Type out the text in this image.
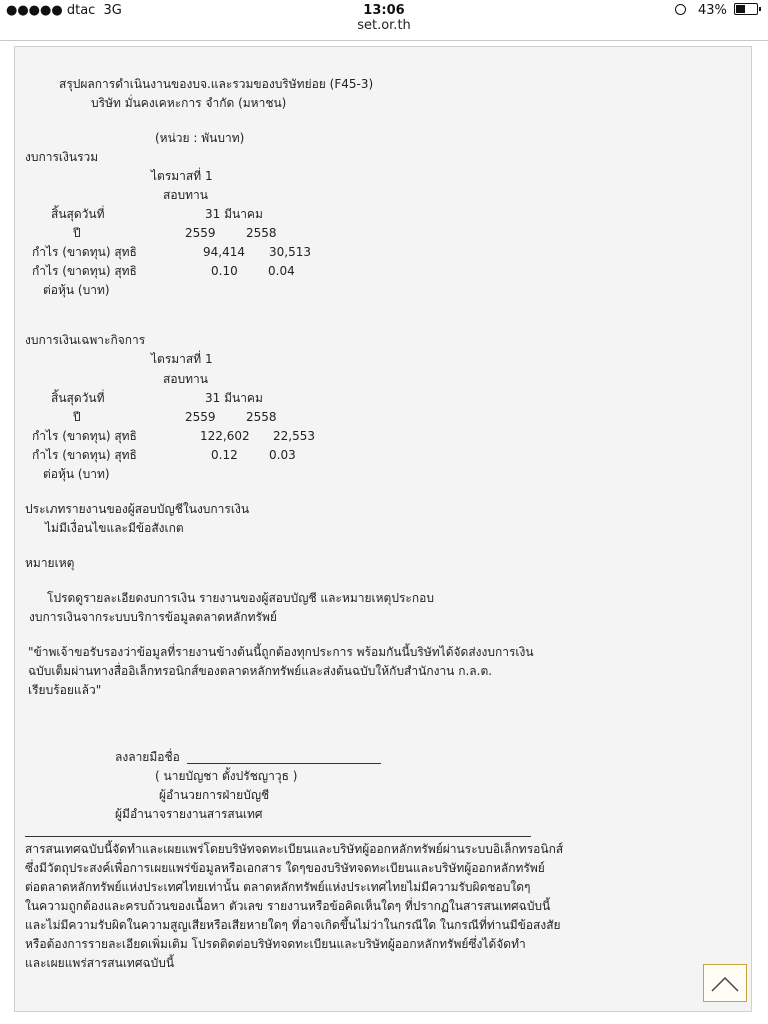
●●●●● dtac 3G	13:06	43%
set.or.th
สรุปผลการดำเนินงานของบจ.และรวมของบริษัทย่อย (F45-3)
บริษัท มั่นคงเคหะการ จำกัด (มหาชน)
(หน่วย : พันบาท)
งบการเงินรวม
ไตรมาสที่ 1
สอบทาน
สิ้นสุดวันที่	31 มีนาคม
ปี	2559	2558
กำไร (ขาดทุน) สุทธิ	94,414 30,513
กำไร (ขาดทุน) สุทธิ	0.10	0.04
ต่อหุ้น (บาท)
งบการเงินเฉพาะกิจการ
ไตรมาสที่ 1
สอบทาน
สิ้นสุดวันที่	31 มีนาคม
ปี	2559	2558
กำไร (ขาดทุน) สุทธิ	122,602 22,553
กำไร (ขาดทุน) สุทธิ	0.12	0.03
ต่อหุ้น (บาท)
ประเภทรายงานของผู้สอบบัญชีในงบการเงิน
ไม่มีเงื่อนไขและมีข้อสังเกต
หมายเหตุ
โปรดดูรายละเอียดงบการเงิน รายงานของผู้สอบบัญชี และหมายเหตุประกอบ
งบการเงินจากระบบบริการข้อมูลตลาดหลักทรัพย์
"ข้าพเจ้าขอรับรองว่าข้อมูลที่รายงานข้างต้นนี้ถูกต้องทุกประการ พร้อมกันนี้บริษัทได้จัดส่งงบการเงิน
ฉบับเต็มผ่านทางสื่ออิเล็กทรอนิกส์ของตลาดหลักทรัพย์และส่งต้นฉบับให้กับสำนักงาน ก.ล.ต.
เรียบร้อยแล้ว"
ลงลายมือชื่อ
( นายบัญชา ตั้งปรัชญาวุธ )
ผู้อำนวยการฝ่ายบัญชี
ผู้มีอำนาจรายงานสารสนเทศ
สารสนเทศฉบับนี้จัดทำและเผยแพร่โดยบริษัทจดทะเบียนและบริษัทผู้ออกหลักทรัพย์ผ่านระบบอิเล็กทรอนิกส์
ซึ่งมีวัตถุประสงค์เพื่อการเผยแพร่ข้อมูลหรือเอกสาร ใดๆของบริษัทจดทะเบียนและบริษัทผู้ออกหลักทรัพย์
ต่อตลาดหลักทรัพย์แห่งประเทศไทยเท่านั้น ตลาดหลักทรัพย์แห่งประเทศไทยไม่มีความรับผิดชอบใดๆ
ในความถูกต้องและครบถ้วนของเนื้อหา ตัวเลข รายงานหรือข้อคิดเห็นใดๆ ที่ปรากฏในสารสนเทศฉบับนี้
และไม่มีความรับผิดในความสูญเสียหรือเสียหายใดๆ ที่อาจเกิดขึ้นไม่ว่าในกรณีใด ในกรณีที่ท่านมีข้อสงสัย
หรือต้องการรายละเอียดเพิ่มเติม โปรดติดต่อบริษัทจดทะเบียนและบริษัทผู้ออกหลักทรัพย์ซึ่งได้จัดทำ
และเผยแพร่สารสนเทศฉบับนี้
